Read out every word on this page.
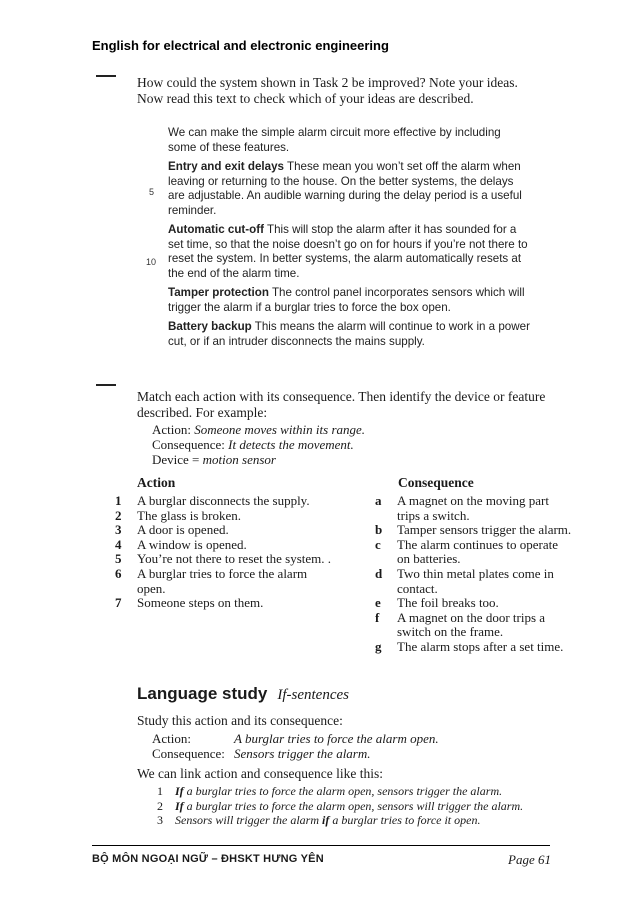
English for electrical and electronic engineering
How could the system shown in Task 2 be improved? Note your ideas.
Now read this text to check which of your ideas are described.
We can make the simple alarm circuit more effective by including
some of these features.
Entry and exit delays These mean you won’t set off the alarm when
leaving or returning to the house. On the better systems, the delays
are adjustable. An audible warning during the delay period is a useful
reminder.
Automatic cut-off This will stop the alarm after it has sounded for a
set time, so that the noise doesn’t go on for hours if you’re not there to
reset the system. In better systems, the alarm automatically resets at
the end of the alarm time.
Tamper protection The control panel incorporates sensors which will
trigger the alarm if a burglar tries to force the box open.
Battery backup This means the alarm will continue to work in a power
cut, or if an intruder disconnects the mains supply.
5
10
Match each action with its consequence. Then identify the device or feature
described. For example:
Action: Someone moves within its range.
Consequence: It detects the movement.
Device = motion sensor
Action	Consequence
1 A burglar disconnects the supply.
2 The glass is broken.
3 A door is opened.
4 A window is opened.
5 You’re not there to reset the system. .
6 A burglar tries to force the alarm
open.
7 Someone steps on them.
a A magnet on the moving part
trips a switch.
b Tamper sensors trigger the alarm.
c The alarm continues to operate
on batteries.
d Two thin metal plates come in
contact.
e The foil breaks too.
f A magnet on the door trips a
switch on the frame.
g The alarm stops after a set time.
Language study If-sentences
Study this action and its consequence:
Action:	A burglar tries to force the alarm open.
Consequence: Sensors trigger the alarm.
We can link action and consequence like this:
1 If a burglar tries to force the alarm open, sensors trigger the alarm.
2 If a burglar tries to force the alarm open, sensors will trigger the alarm.
3 Sensors will trigger the alarm if a burglar tries to force it open.
BỘ MÔN NGOẠI NGỮ – ĐHSKT HƯNG YÊN	Page 61
